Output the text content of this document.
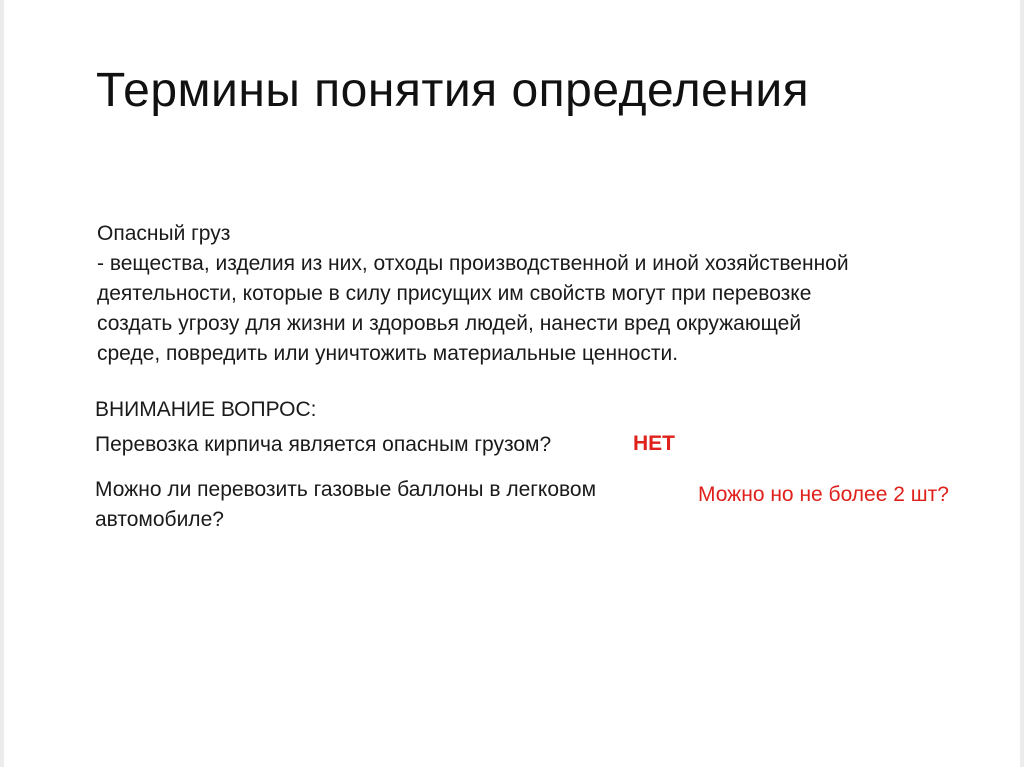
Термины понятия определения
Опасный груз
- вещества, изделия из них, отходы производственной и иной хозяйственной
деятельности, которые в силу присущих им свойств могут при перевозке
создать угрозу для жизни и здоровья людей, нанести вред окружающей
среде, повредить или уничтожить материальные ценности.
ВНИМАНИЕ ВОПРОС:
Перевозка кирпича является опасным грузом?	НЕТ
Можно ли перевозить газовые баллоны в легковом
автомобиле?
Можно но не более 2 шт?
